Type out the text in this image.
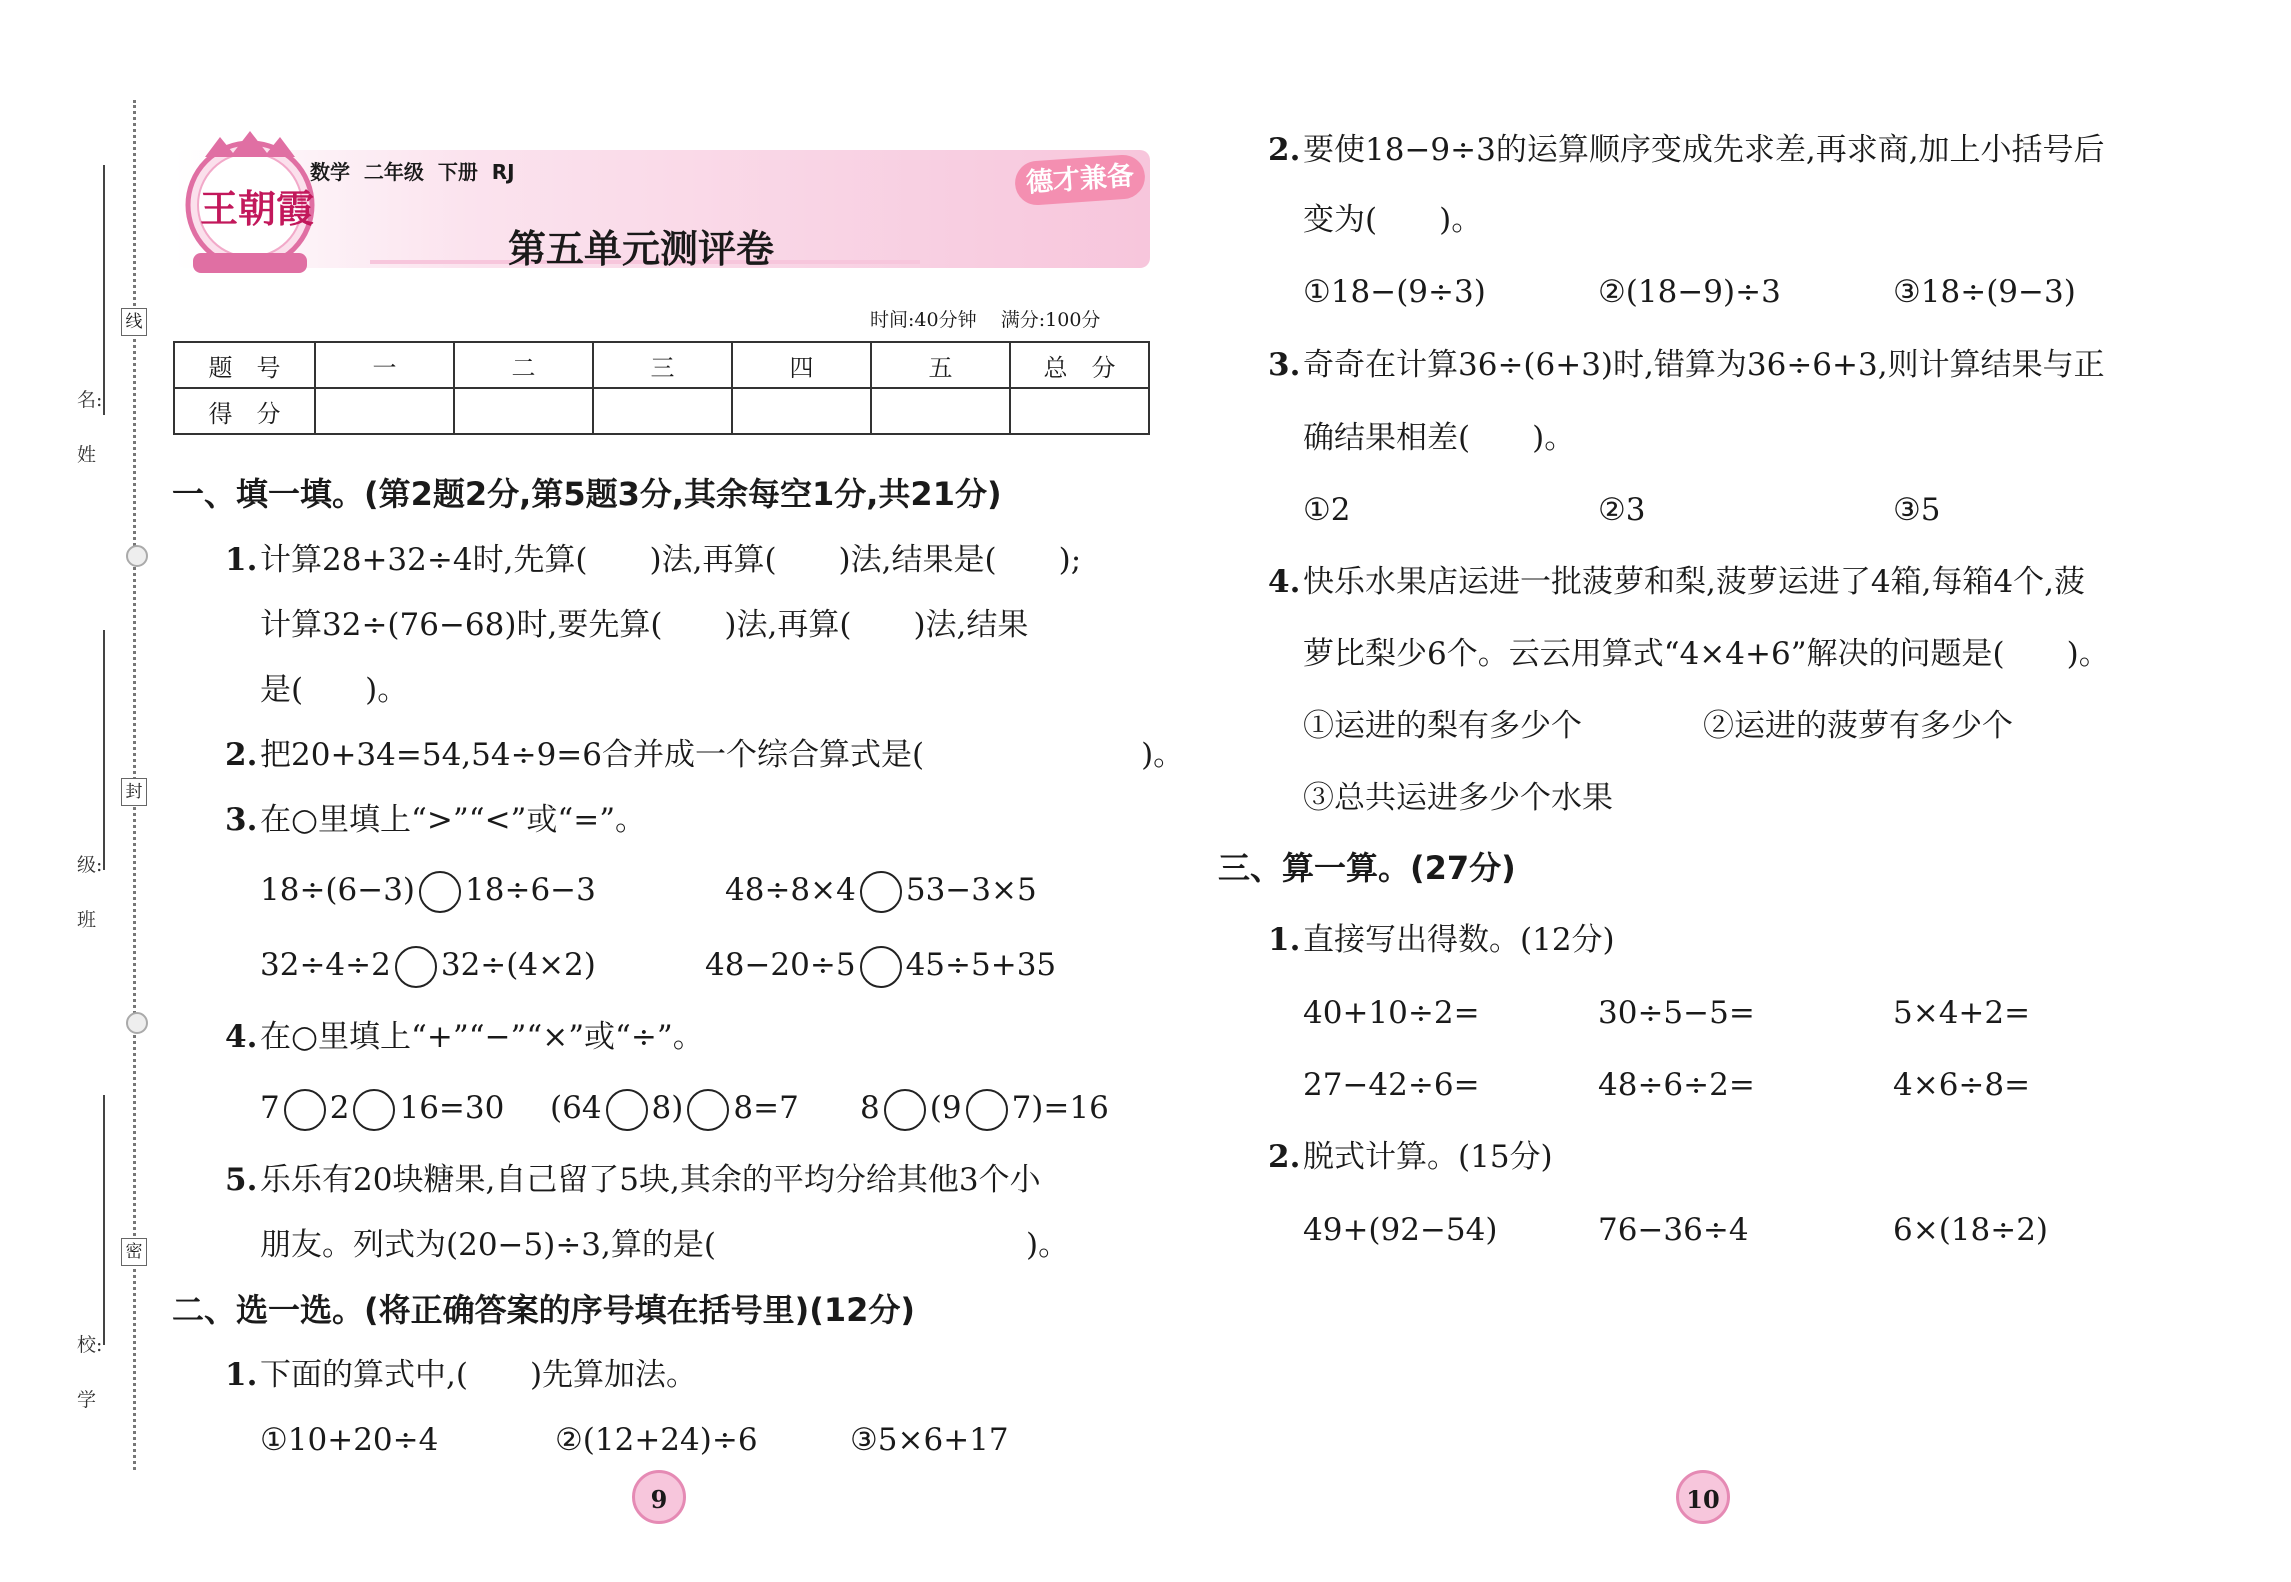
姓
名:
班
级:
学
校:
线
封
密
王朝霞
数学  二年级  下册  RJ	德才兼备
第五单元测评卷
时间:40分钟    满分:100分
题　号	一	二	三	四	五	总　分
得　分						
一、填一填。(第2题2分,第5题3分,其余每空1分,共21分)
1. 计算28+32÷4时,先算(　　)法,再算(　　)法,结果是(　　);
计算32÷(76−68)时,要先算(　　)法,再算(　　)法,结果
是(　　)。
2. 把20+34=54,54÷9=6合并成一个综合算式是(　　　　　　　)。
3. 在○里填上“>”“<”或“=”。
18÷(6−3) 18÷6−3	48÷8×4 53−3×5
32÷4÷2 32÷(4×2)	48−20÷5 45÷5+35
4. 在○里填上“+”“−”“×”或“÷”。
7 2 16=30 (64 8) 8=7 8 (9 7)=16
5. 乐乐有20块糖果,自己留了5块,其余的平均分给其他3个小
朋友。列式为(20−5)÷3,算的是(　　　　　　　　　　)。
二、选一选。(将正确答案的序号填在括号里)(12分)
1. 下面的算式中,(　　)先算加法。
①10+20÷4	②(12+24)÷6	③5×6+17
2. 要使18−9÷3的运算顺序变成先求差,再求商,加上小括号后
变为(　　)。
①18−(9÷3)	②(18−9)÷3	③18÷(9−3)
3. 奇奇在计算36÷(6+3)时,错算为36÷6+3,则计算结果与正
确结果相差(　　)。
①2	②3	③5
4. 快乐水果店运进一批菠萝和梨,菠萝运进了4箱,每箱4个,菠
萝比梨少6个。云云用算式“4×4+6”解决的问题是(　　)。
①运进的梨有多少个	②运进的菠萝有多少个
③总共运进多少个水果
三、算一算。(27分)
1. 直接写出得数。(12分)
40+10÷2=	30÷5−5=	5×4+2=
27−42÷6=	48÷6÷2=	4×6÷8=
2. 脱式计算。(15分)
49+(92−54)	76−36÷4	6×(18÷2)
9	10
